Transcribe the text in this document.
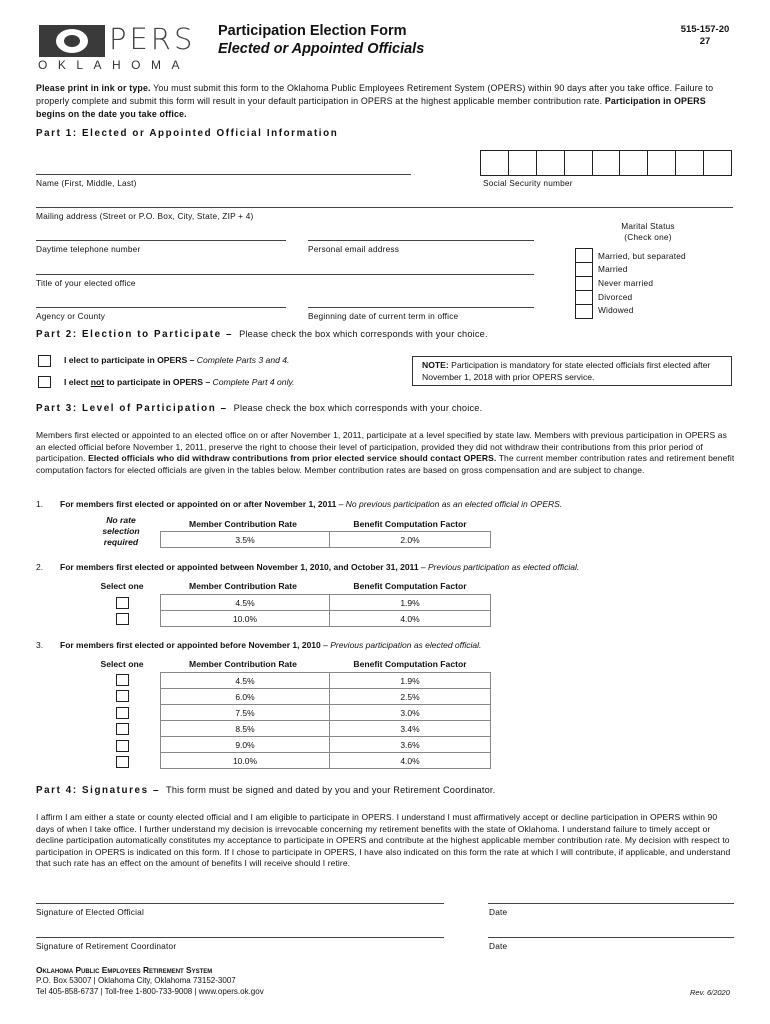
PERS
OKLAHOMA
Participation Election Form
Elected or Appointed Officials
515-157-20
27
Please print in ink or type. You must submit this form to the Oklahoma Public Employees Retirement System (OPERS) within 90 days after you take office. Failure to properly complete and submit this form will result in your default participation in OPERS at the highest applicable member contribution rate. Participation in OPERS begins on the date you take office.
Part 1: Elected or Appointed Official Information
Name (First, Middle, Last)	Social Security number
Mailing address (Street or P.O. Box, City, State, ZIP + 4)
Daytime telephone number	Personal email address
Title of your elected office
Agency or County	Beginning date of current term in office
Marital Status
(Check one)
Married, but separated
Married
Never married
Divorced
Widowed
Part 2: Election to Participate – Please check the box which corresponds with your choice.
I elect to participate in OPERS – Complete Parts 3 and 4.
I elect not to participate in OPERS – Complete Part 4 only.
NOTE: Participation is mandatory for state elected officials first elected after November 1, 2018 with prior OPERS service.
Part 3: Level of Participation – Please check the box which corresponds with your choice.
Members first elected or appointed to an elected office on or after November 1, 2011, participate at a level specified by state law. Members with previous participation in OPERS as an elected official before November 1, 2011, preserve the right to choose their level of participation, provided they did not withdraw their contributions from this prior period of participation. Elected officials who did withdraw contributions from prior elected service should contact OPERS. The current member contribution rates and retirement benefit computation factors for elected officials are given in the tables below. Member contribution rates are based on gross compensation and are subject to change.
1. For members first elected or appointed on or after November 1, 2011 – No previous participation as an elected official in OPERS.
No rate selection required
Member Contribution Rate	Benefit Computation Factor
3.5%	2.0%
2. For members first elected or appointed between November 1, 2010, and October 31, 2011 – Previous participation as elected official.
Select one	Member Contribution Rate	Benefit Computation Factor
4.5%	1.9%
10.0%	4.0%
3. For members first elected or appointed before November 1, 2010 – Previous participation as elected official.
Select one	Member Contribution Rate	Benefit Computation Factor
4.5%	1.9%
6.0%	2.5%
7.5%	3.0%
8.5%	3.4%
9.0%	3.6%
10.0%	4.0%
Part 4: Signatures – This form must be signed and dated by you and your Retirement Coordinator.
I affirm I am either a state or county elected official and I am eligible to participate in OPERS. I understand I must affirmatively accept or decline participation in OPERS within 90 days of when I take office. I further understand my decision is irrevocable concerning my retirement benefits with the state of Oklahoma. I understand failure to timely accept or decline participation automatically constitutes my acceptance to participate in OPERS and contribute at the highest applicable member contribution rate. My decision with respect to participation in OPERS is indicated on this form. If I chose to participate in OPERS, I have also indicated on this form the rate at which I will contribute, if applicable, and understand that such rate has an effect on the amount of benefits I will receive should I retire.
Signature of Elected Official	Date
Signature of Retirement Coordinator	Date
Oklahoma Public Employees Retirement System
P.O. Box 53007 | Oklahoma City, Oklahoma 73152-3007
Tel 405-858-6737 | Toll-free 1-800-733-9008 | www.opers.ok.gov	Rev. 6/2020
